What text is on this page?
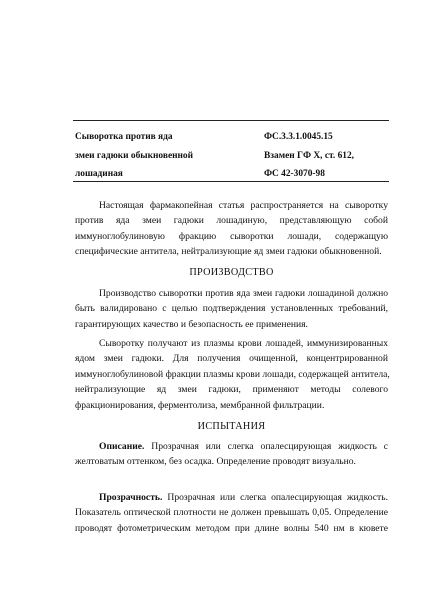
Сыворотка против яда
змеи гадюки обыкновенной
лошадиная
ФС.3.3.1.0045.15
Взамен ГФ X, ст. 612,
ФС 42-3070-98
Настоящая фармакопейная статья распространяется на сыворотку
против яда змеи гадюки лошадиную, представляющую собой
иммуноглобулиновую фракцию сыворотки лошади, содержащую
специфические антитела, нейтрализующие яд змеи гадюки обыкновенной.
ПРОИЗВОДСТВО
Производство сыворотки против яда змеи гадюки лошадиной должно
быть валидировано с целью подтверждения установленных требований,
гарантирующих качество и безопасность ее применения.
Сыворотку получают из плазмы крови лошадей, иммунизированных
ядом змеи гадюки. Для получения очищенной, концентрированной
иммуноглобулиновой фракции плазмы крови лошади, содержащей антитела,
нейтрализующие яд змеи гадюки, применяют методы солевого
фракционирования, ферментолиза, мембранной фильтрации.
ИСПЫТАНИЯ
Описание. Прозрачная или слегка опалесцирующая жидкость с
желтоватым оттенком, без осадка. Определение проводят визуально.
Прозрачность. Прозрачная или слегка опалесцирующая жидкость.
Показатель оптической плотности не должен превышать 0,05. Определение
проводят фотометрическим методом при длине волны 540 нм в кювете
